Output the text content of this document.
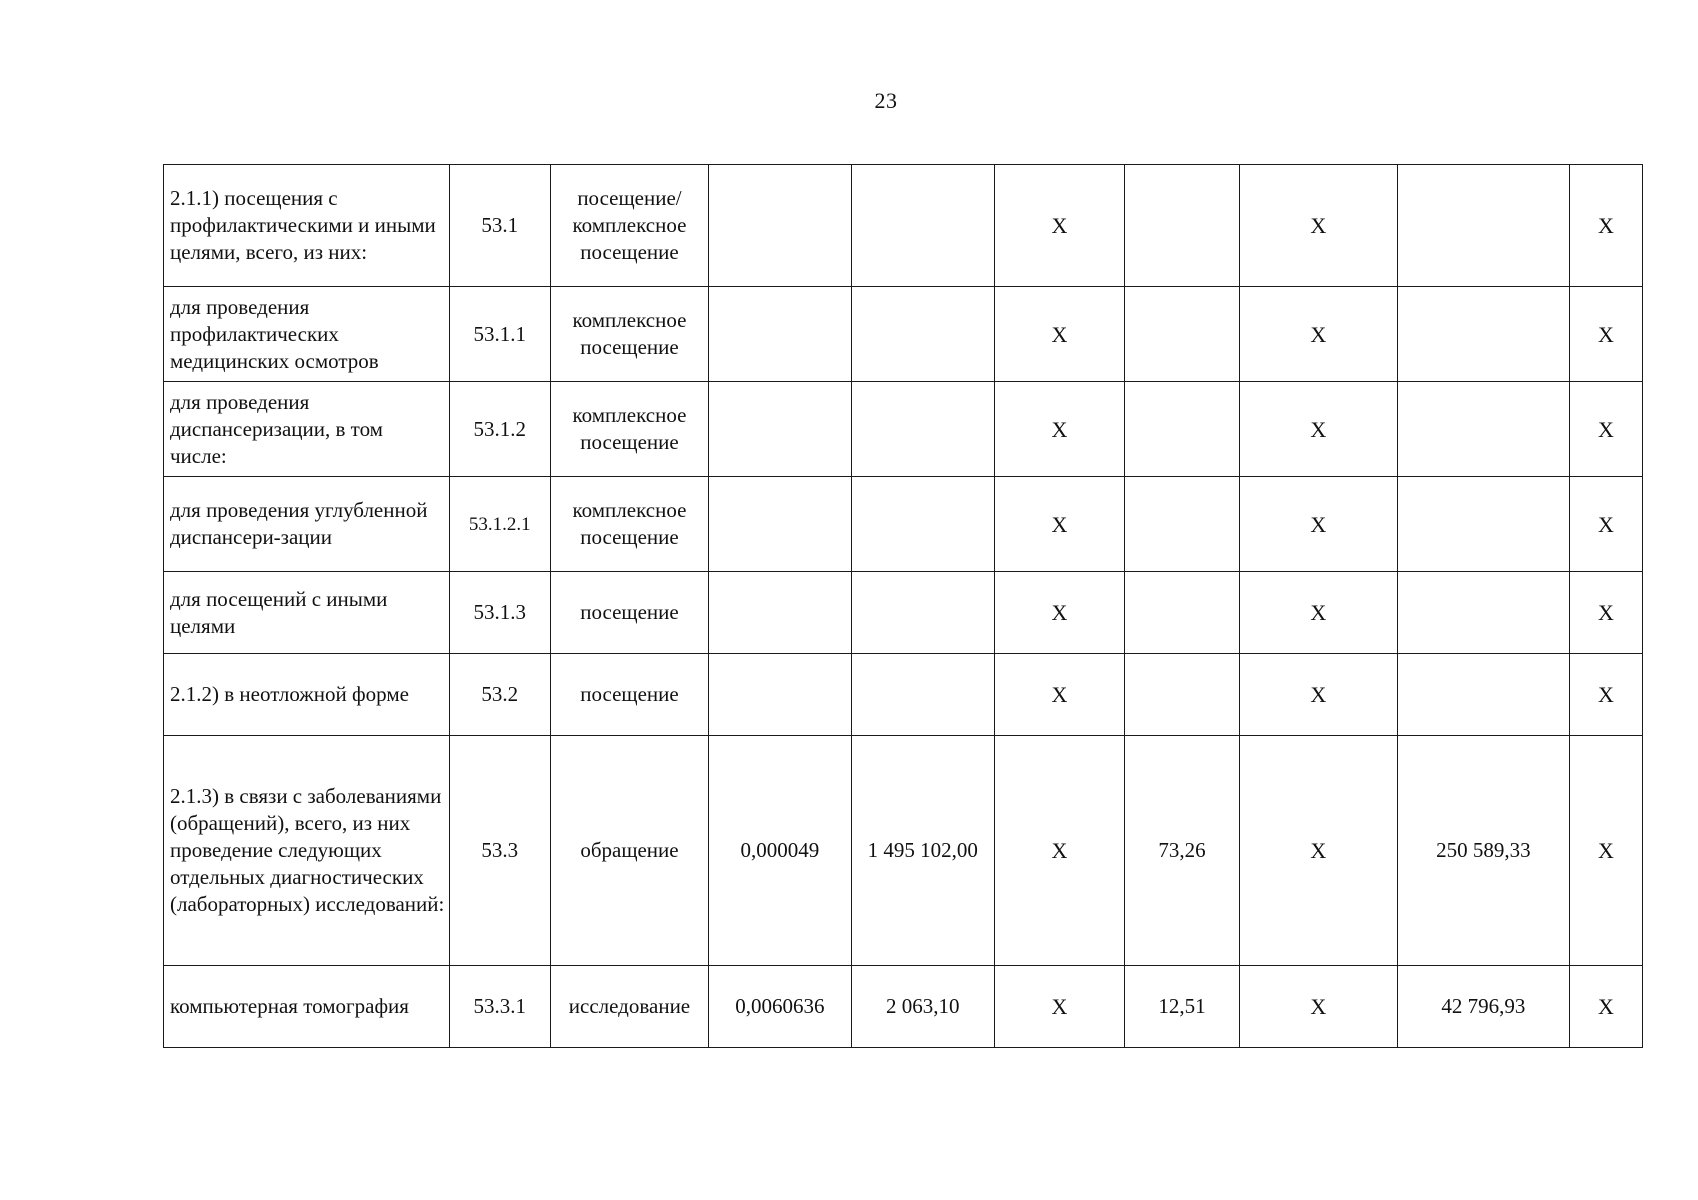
23
2.1.1) посещения с профилактическими и иными целями, всего, из них:	53.1	посещение/ комплексное посещение			Х		Х		Х
для проведения профилактических медицинских осмотров	53.1.1	комплексное посещение			Х		Х		Х
для проведения диспансеризации, в том числе:	53.1.2	комплексное посещение			Х		Х		Х
для проведения углубленной диспансери-зации	53.1.2.1	комплексное посещение			Х		Х		Х
для посещений с иными целями	53.1.3	посещение			Х		Х		Х
2.1.2) в неотложной форме	53.2	посещение			Х		Х		Х
2.1.3) в связи с заболеваниями (обращений), всего, из них проведение следующих отдельных диагностических (лабораторных) исследований:	53.3	обращение	0,000049	1 495 102,00	Х	73,26	Х	250 589,33	Х
компьютерная томография	53.3.1	исследование	0,0060636	2 063,10	Х	12,51	Х	42 796,93	Х
